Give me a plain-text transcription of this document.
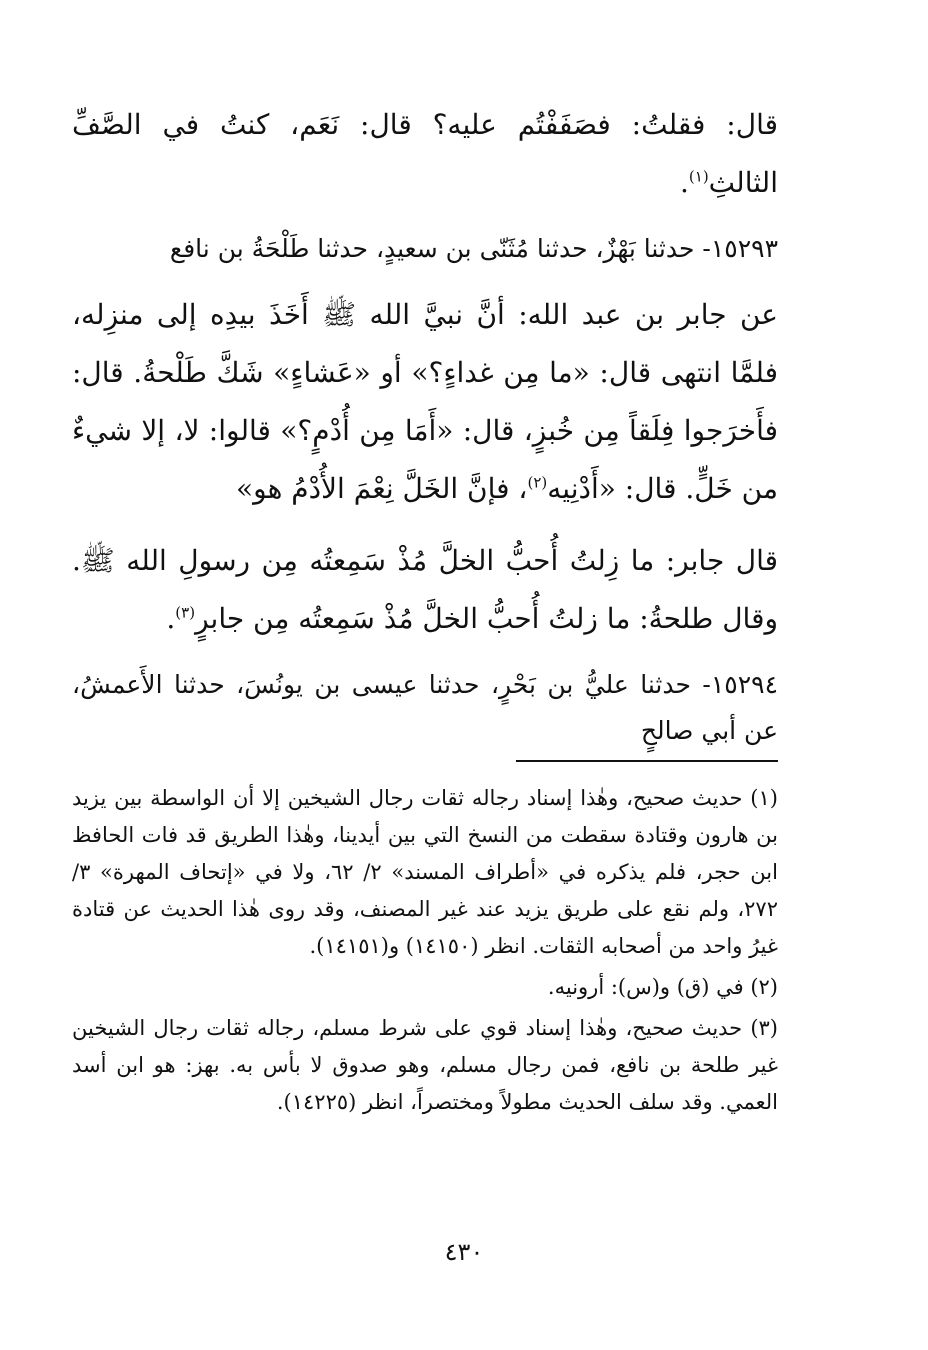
قال: فقلتُ: فصَفَفْتُم عليه؟ قال: نَعَم، كنتُ في الصَّفِّ الثالثِ$^{(١)}$.

١٥٢٩٣- حدثنا بَهْزٌ، حدثنا مُثَنّى بن سعيدٍ، حدثنا طَلْحَةُ بن نافع

عن جابر بن عبد الله: أنَّ نبيَّ الله ﷺ أَخَذَ بيدِه إلى منزِله، فلمَّا انتهى قال: «ما مِن غداءٍ؟» أو «عَشاءٍ» شَكَّ طَلْحةُ. قال: فأَخرَجوا فِلَقاً مِن خُبزٍ، قال: «أَمَا مِن أُدْمٍ؟» قالوا: لا، إلا شيءٌ من خَلٍّ. قال: «أَدْنِيه$^{(٢)}$، فإنَّ الخَلَّ نِعْمَ الأُدْمُ هو»

قال جابر: ما زِلتُ أُحبُّ الخلَّ مُذْ سَمِعتُه مِن رسولِ الله ﷺ. وقال طلحةُ: ما زلتُ أُحبُّ الخلَّ مُذْ سَمِعتُه مِن جابرٍ$^{(٣)}$.

١٥٢٩٤- حدثنا عليُّ بن بَحْرٍ، حدثنا عيسى بن يونُسَ، حدثنا الأَعمشُ، عن أبي صالحٍ

(١) حديث صحيح، وهٰذا إسناد رجاله ثقات رجال الشيخين إلا أن الواسطة بين يزيد بن هارون وقتادة سقطت من النسخ التي بين أيدينا، وهٰذا الطريق قد فات الحافظ ابن حجر، فلم يذكره في «أطراف المسند» ٢/ ٦٢، ولا في «إتحاف المهرة» ٣/ ٢٧٢، ولم نقع على طريق يزيد عند غير المصنف، وقد روى هٰذا الحديث عن قتادة غيرُ واحد من أصحابه الثقات. انظر (١٤١٥٠) و(١٤١٥١).

(٢) في (ق) و(س): أرونيه.

(٣) حديث صحيح، وهٰذا إسناد قوي على شرط مسلم، رجاله ثقات رجال الشيخين غير طلحة بن نافع، فمن رجال مسلم، وهو صدوق لا بأس به. بهز: هو ابن أسد العمي. وقد سلف الحديث مطولاً ومختصراً، انظر (١٤٢٢٥).

٤٣٠
